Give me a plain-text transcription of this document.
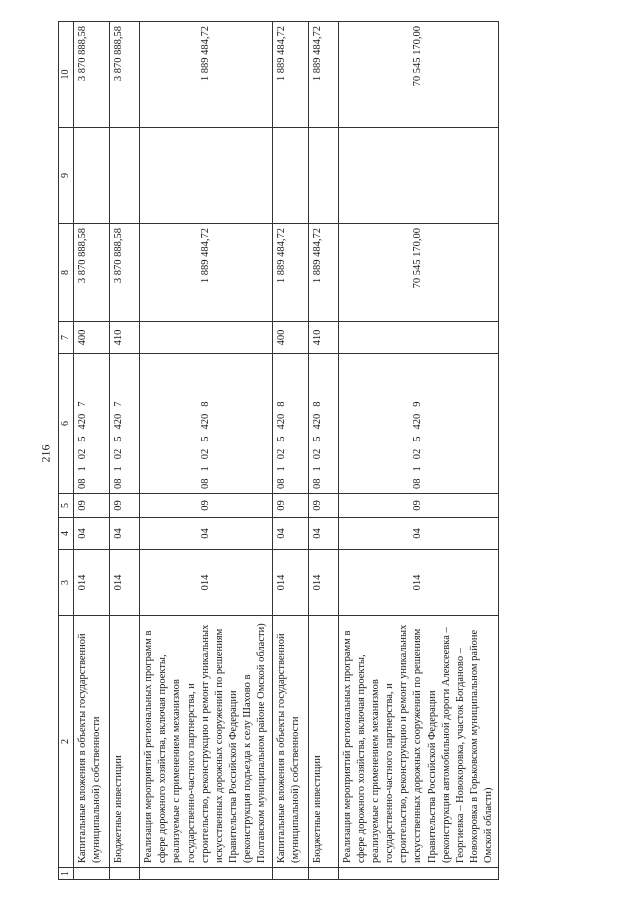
216
1	2	3	4	5	6	7	8	9	10
	Капитальные вложения в объекты государственной (муниципальной) собственности	014	04	09	0810254207	400	3 870 888,58		3 870 888,58
	Бюджетные инвестиции	014	04	09	0810254207	410	3 870 888,58		3 870 888,58
	Реализация мероприятий региональных программ в сфере дорожного хозяйства, включая проекты, реализуемые с применением механизмов государственно-частного партнерства, и строительство, реконструкцию и ремонт уникальных искусственных дорожных сооружений по решениям Правительства Российской Федерации (реконструкция подъезда к селу Шахово в Полтавском муниципальном районе Омской области)	014	04	09	0810254208		1 889 484,72		1 889 484,72
	Капитальные вложения в объекты государственной (муниципальной) собственности	014	04	09	0810254208	400	1 889 484,72		1 889 484,72
	Бюджетные инвестиции	014	04	09	0810254208	410	1 889 484,72		1 889 484,72
	Реализация мероприятий региональных программ в сфере дорожного хозяйства, включая проекты, реализуемые с применением механизмов государственно-частного партнерства, и строительство, реконструкцию и ремонт уникальных искусственных дорожных сооружений по решениям Правительства Российской Федерации (реконструкция автомобильной дороги Алексеевка – Георгиевка – Новокopoвка, участок Богдановo – Новокopoвкa в Горьковском муниципальном районе Омской области)	014	04	09	0810254209		70 545 170,00		70 545 170,00
